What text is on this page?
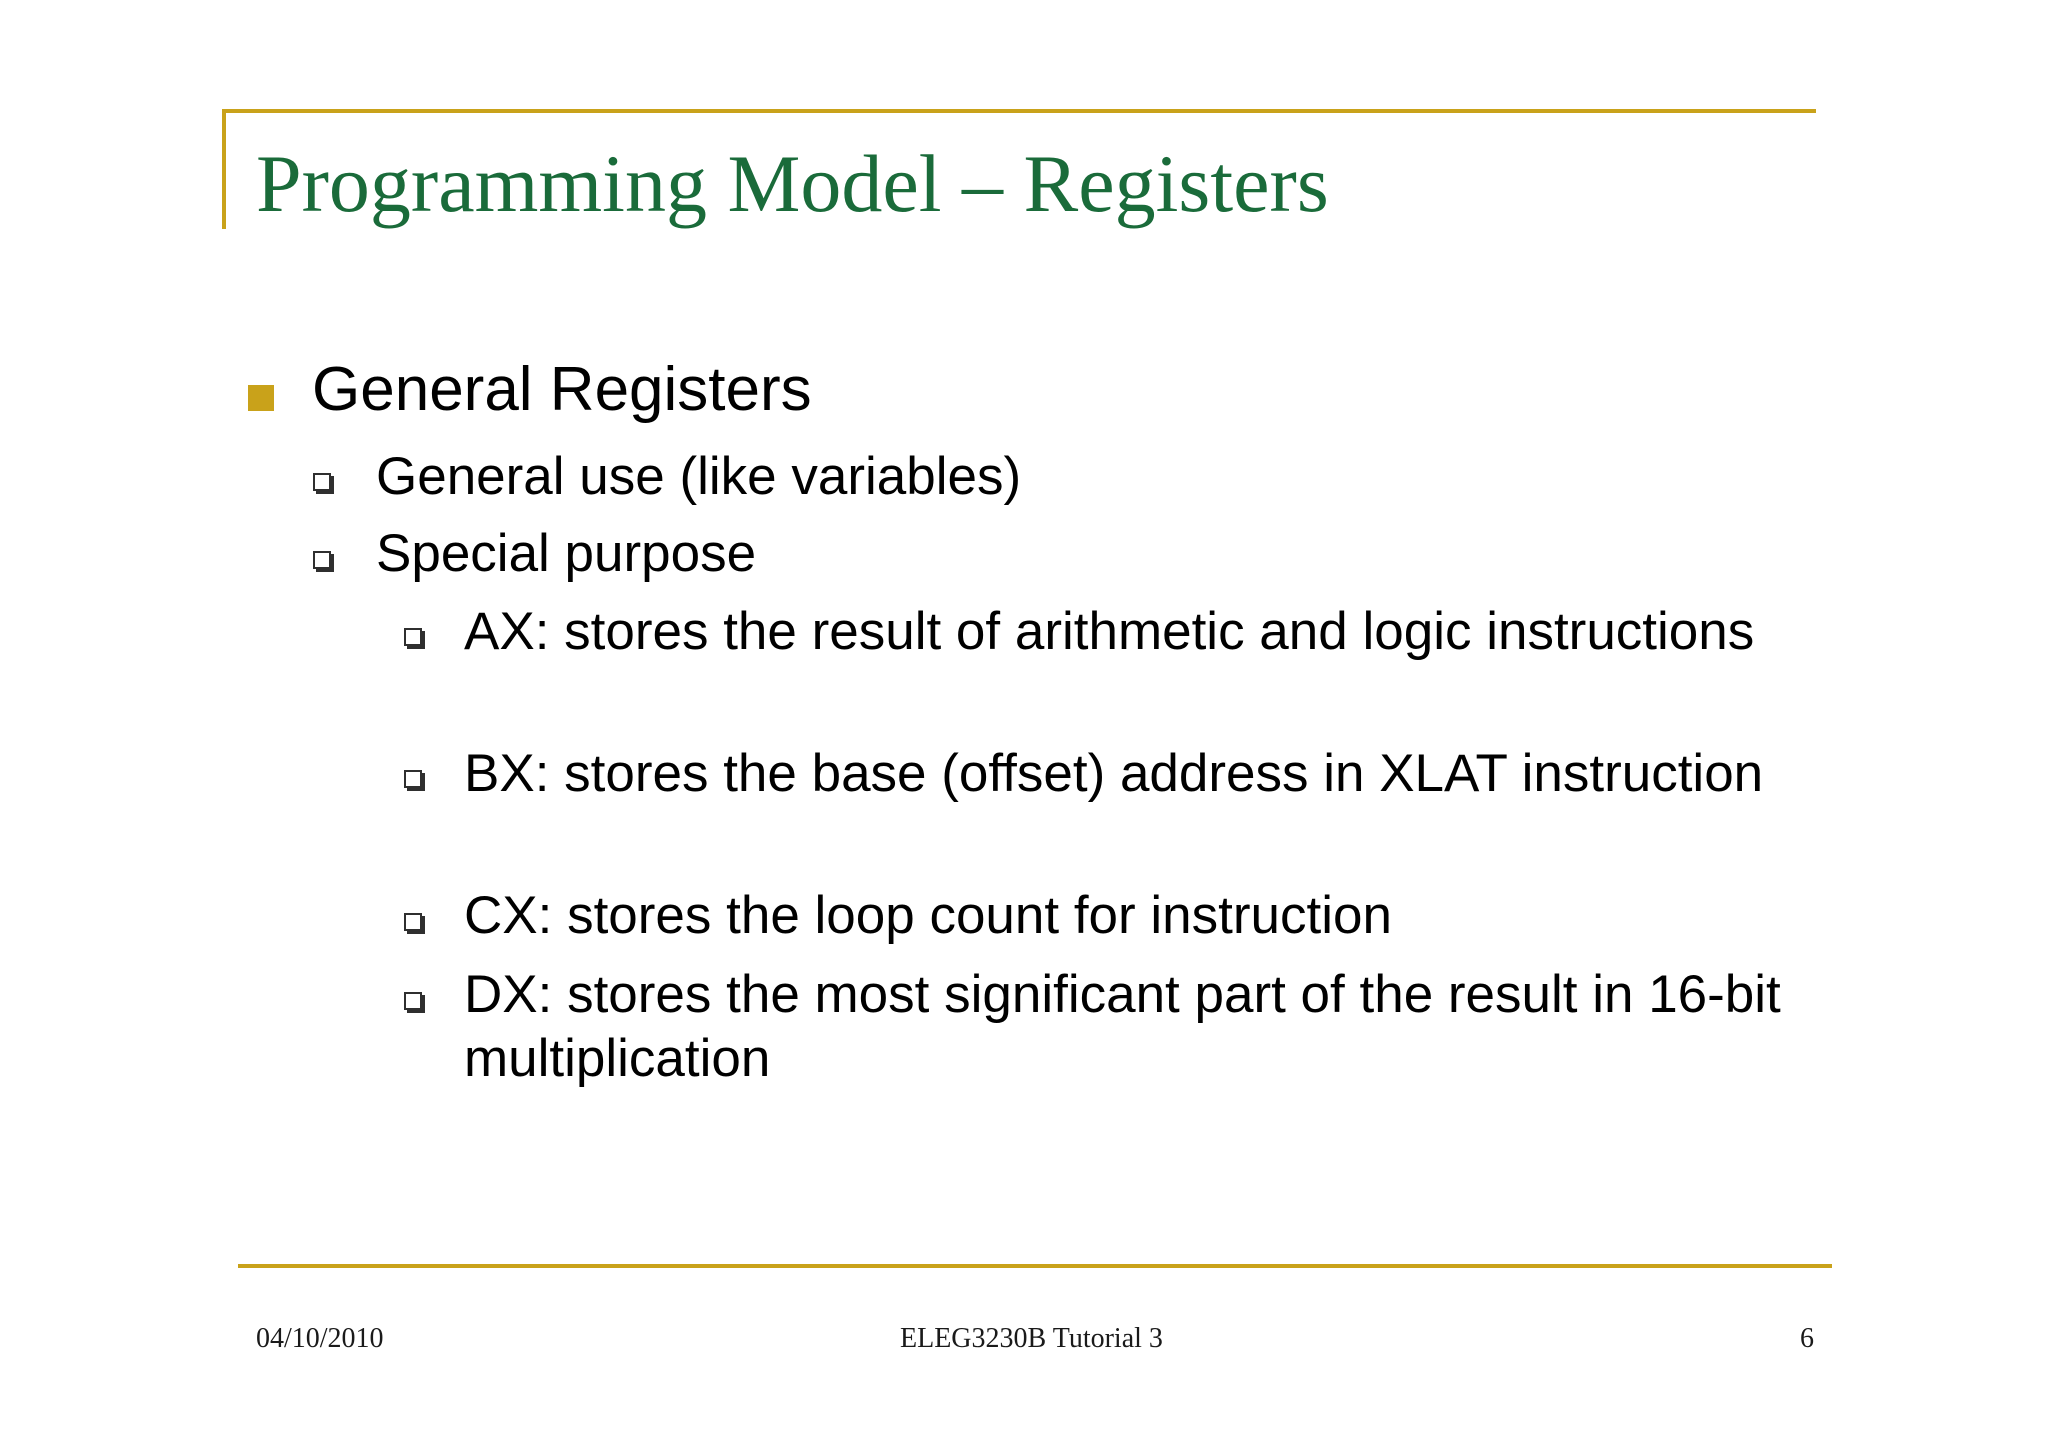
Programming Model – Registers
General Registers
General use (like variables)
Special purpose
AX: stores the result of arithmetic and logic instructions
BX: stores the base (offset) address in XLAT instruction
CX: stores the loop count for instruction
DX: stores the most significant part of the result in 16-bit multiplication
04/10/2010	ELEG3230B Tutorial 3	6
